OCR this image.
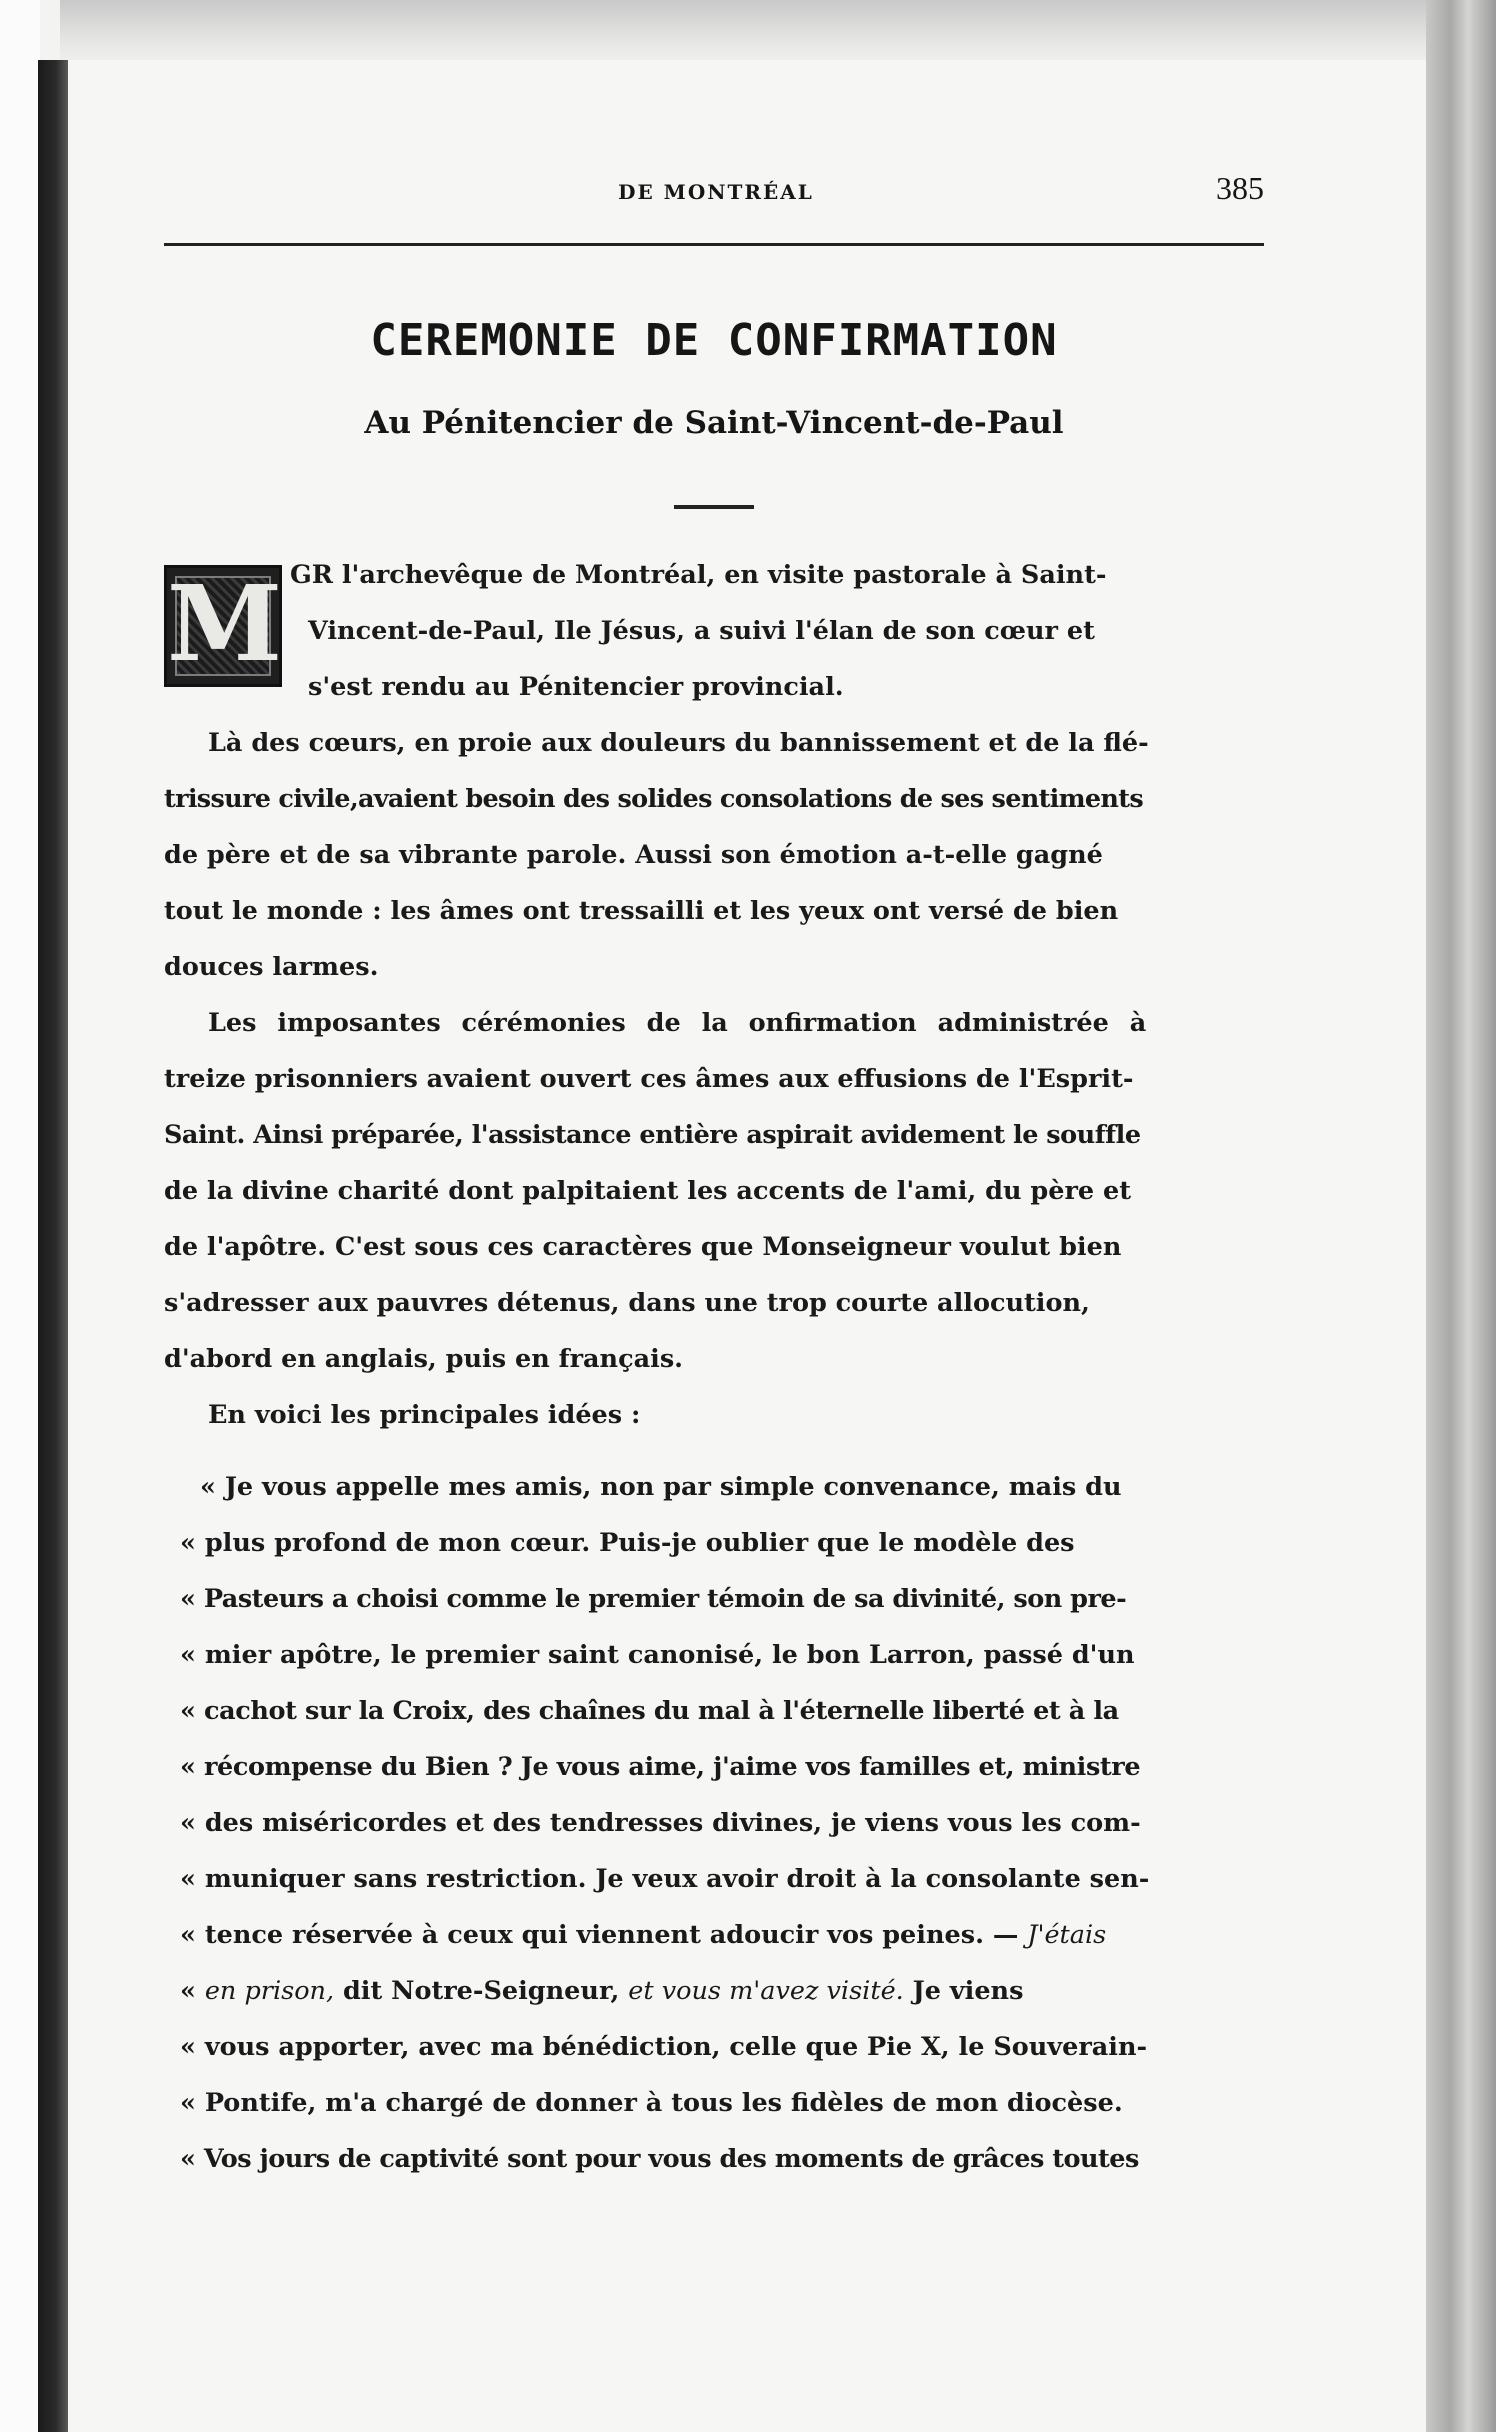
DE MONTRÉAL	385
CEREMONIE DE CONFIRMATION
Au Pénitencier de Saint-Vincent-de-Paul
M GR l'archevêque de Montréal, en visite pastorale à Saint-
Vincent-de-Paul, Ile Jésus, a suivi l'élan de son cœur et
s'est rendu au Pénitencier provincial.
Là des cœurs, en proie aux douleurs du bannissement et de la flé-
trissure civile,avaient besoin des solides consolations de ses sentiments
de père et de sa vibrante parole. Aussi son émotion a-t-elle gagné
tout le monde : les âmes ont tressailli et les yeux ont versé de bien
douces larmes.
Les imposantes cérémonies de la onfirmation administrée à
treize prisonniers avaient ouvert ces âmes aux effusions de l'Esprit-
Saint. Ainsi préparée, l'assistance entière aspirait avidement le souffle
de la divine charité dont palpitaient les accents de l'ami, du père et
de l'apôtre. C'est sous ces caractères que Monseigneur voulut bien
s'adresser aux pauvres détenus, dans une trop courte allocution,
d'abord en anglais, puis en français.
En voici les principales idées :
« Je vous appelle mes amis, non par simple convenance, mais du
« plus profond de mon cœur. Puis-je oublier que le modèle des
« Pasteurs a choisi comme le premier témoin de sa divinité, son pre-
« mier apôtre, le premier saint canonisé, le bon Larron, passé d'un
« cachot sur la Croix, des chaînes du mal à l'éternelle liberté et à la
« récompense du Bien ? Je vous aime, j'aime vos familles et, ministre
« des miséricordes et des tendresses divines, je viens vous les com-
« muniquer sans restriction. Je veux avoir droit à la consolante sen-
« tence réservée à ceux qui viennent adoucir vos peines. — J'étais
« en prison, dit Notre-Seigneur, et vous m'avez visité. Je viens
« vous apporter, avec ma bénédiction, celle que Pie X, le Souverain-
« Pontife, m'a chargé de donner à tous les fidèles de mon diocèse.
« Vos jours de captivité sont pour vous des moments de grâces toutes
